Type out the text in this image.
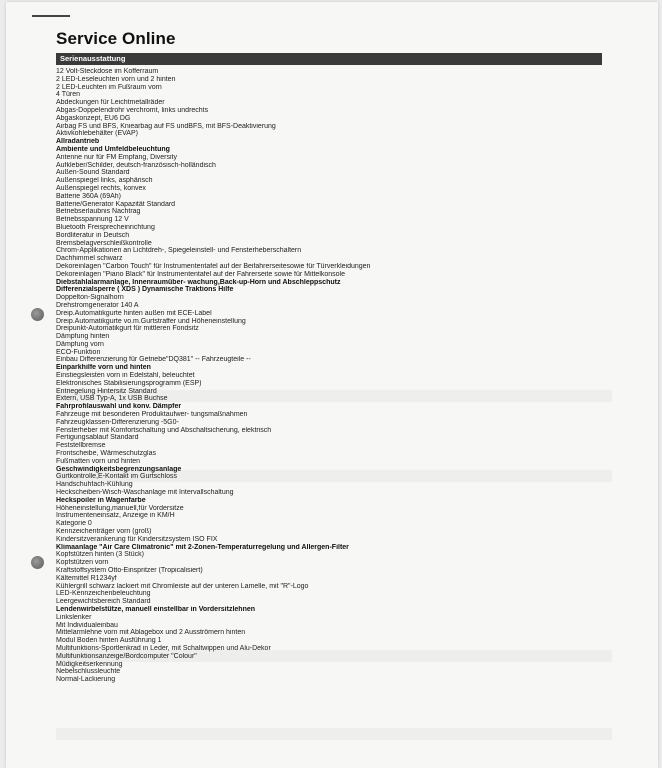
Service Online
Serienausstattung
12 Volt-Steckdose im Kofferraum
2 LED-Leseleuchten vorn und 2 hinten
2 LED-Leuchten im Fußraum vorn
4 Türen
Abdeckungen für Leichtmetallräder
Abgas-Doppelendrohr verchromt, links undrechts
Abgaskonzept, EU6 DG
Airbag FS und BFS, Kniearbag auf FS undBFS, mit BFS-Deaktivierung
Aktivkohlebehälter (EVAP)
Allradantrieb
Ambiente und Umfeldbeleuchtung
Antenne nur für FM Empfang, Diversity
Aufkleber/Schilder, deutsch-französisch-holländisch
Außen-Sound Standard
Außenspiegel links, asphärisch
Außenspiegel rechts, konvex
Batterie 360A (69Ah)
Batterie/Generator Kapazität Standard
Betriebserlaubnis Nachtrag
Betriebsspannung 12 V
Bluetooth Freisprecheinrichtung
Bordliteratur in Deutsch
Bremsbelagverschleißkontrolle
Chrom-Applikationen an Lichtdreh-, Spiegeleinstell- und Fensterheberschaltern
Dachhimmel schwarz
Dekoreinlagen "Carbon Touch" für Instrumententafel auf der Beifahrerseitesowie für Türverkleidungen
Dekoreinlagen "Piano Black" für Instrumententafel auf der Fahrerseite sowie für Mittelkonsole
Diebstahlalarmanlage, Innenraumüber- wachung,Back-up-Horn und Abschleppschutz
Differenzialsperre ( XDS ) Dynamische Traktions Hilfe
Doppelton-Signalhorn
Drehstromgenerator 140 A
Dreip.Automatikgurte hinten außen mit ECE-Label
Dreip.Automatikgurte vo.m.Gurtstraffer und Höheneinstellung
Dreipunkt-Automatikgurt für mittleren Fondsitz
Dämpfung hinten
Dämpfung vorn
ECO-Funktion
Einbau Differenzierung für Getriebe"DQ381" -- Fahrzeugteile --
Einparkhilfe vorn und hinten
Einstiegsleisten vorn in Edelstahl, beleuchtet
Elektronisches Stabilisierungsprogramm (ESP)
Entriegelung Hintersitz Standard
Extern, USB Typ-A, 1x USB Buchse
Fahrprofilauswahl und konv. Dämpfer
Fahrzeuge mit besonderen Produktaufwer- tungsmaßnahmen
Fahrzeugklassen-Differenzierung -5G0-
Fensterheber mit Komfortschaltung und Abschaltsicherung, elektrisch
Fertigungsablauf Standard
Feststellbremse
Frontscheibe, Wärmeschutzglas
Fußmatten vorn und hinten
Geschwindigkeitsbegrenzungsanlage
Gurtkontrolle,E-Kontakt im Gurtschloss
Handschuhfach-Kühlung
Heckscheiben-Wisch-Waschanlage mit Intervallschaltung
Heckspoiler in Wagenfarbe
Höheneinstellung,manuell,für Vordersitze
Instrumenteneinsatz, Anzeige in KM/H
Kategorie 0
Kennzeichenträger vorn (groß)
Kindersitzverankerung für Kindersitzsystem ISO FIX
Klimaanlage "Air Care Climatronic" mit 2-Zonen-Temperaturregelung und Allergen-Filter
Kopfstützen hinten (3 Stück)
Kopfstützen vorn
Kraftstoffsystem Otto-Einspritzer (Tropicalisiert)
Kältemittel R1234yf
Kühlergrill schwarz lackiert mit Chromleiste auf der unteren Lamelle, mit "R"-Logo
LED-Kennzeichenbeleuchtung
Leergewichtsbereich Standard
Lendenwirbelstütze, manuell einstellbar in Vordersitzlehnen
Linkslenker
Mit Individualeinbau
Mittelarmlehne vorn mit Ablagebox und 2 Ausströmern hinten
Modul Boden hinten Ausführung 1
Multifunktions-Sportlenkrad in Leder, mit Schaltwippen und Alu-Dekor
Multifunktionsanzeige/Bordcomputer "Colour"
Müdigkeitserkennung
Nebelschlussleuchte
Normal-Lackierung
